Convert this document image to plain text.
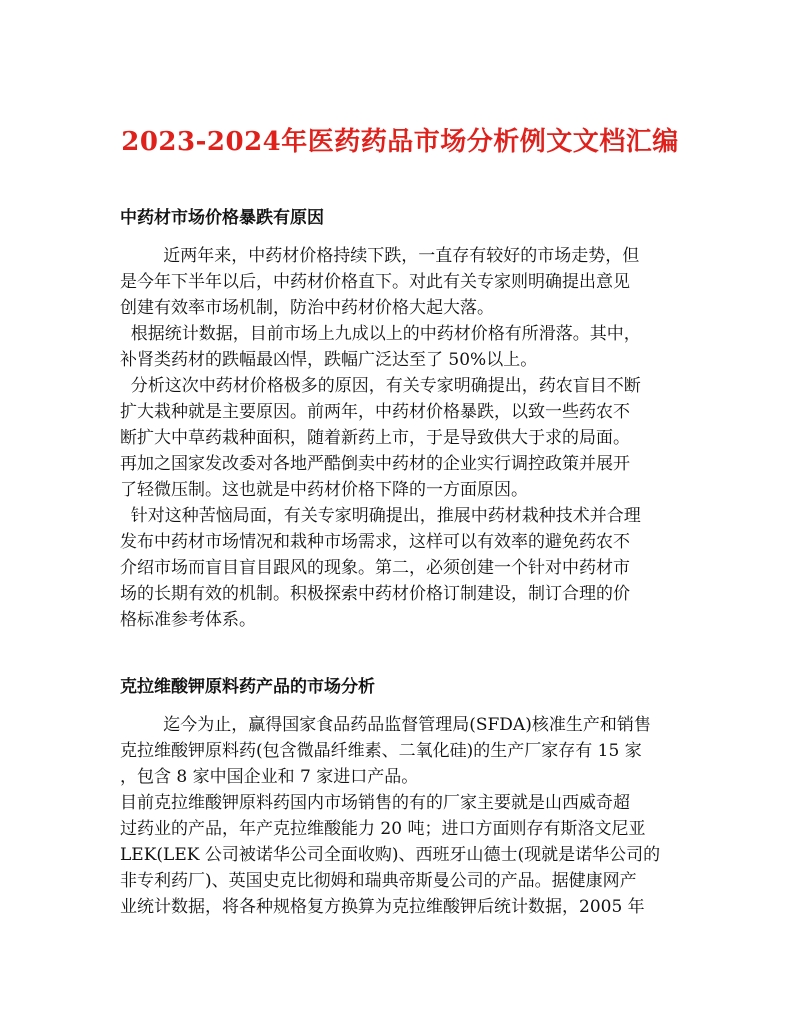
2023-2024年医药药品市场分析例文文档汇编

中药材市场价格暴跌有原因

近两年来，中药材价格持续下跌，一直存有较好的市场走势，但

是今年下半年以后，中药材价格直下。对此有关专家则明确提出意见

创建有效率市场机制，防治中药材价格大起大落。

根据统计数据，目前市场上九成以上的中药材价格有所滑落。其中，

补肾类药材的跌幅最凶悍，跌幅广泛达至了 50%以上。

分析这次中药材价格极多的原因，有关专家明确提出，药农盲目不断

扩大栽种就是主要原因。前两年，中药材价格暴跌，以致一些药农不

断扩大中草药栽种面积，随着新药上市，于是导致供大于求的局面。

再加之国家发改委对各地严酷倒卖中药材的企业实行调控政策并展开

了轻微压制。这也就是中药材价格下降的一方面原因。

针对这种苦恼局面，有关专家明确提出，推展中药材栽种技术并合理

发布中药材市场情况和栽种市场需求，这样可以有效率的避免药农不

介绍市场而盲目盲目跟风的现象。第二，必须创建一个针对中药材市

场的长期有效的机制。积极探索中药材价格订制建设，制订合理的价

格标准参考体系。

克拉维酸钾原料药产品的市场分析

迄今为止，赢得国家食品药品监督管理局(SFDA)核准生产和销售

克拉维酸钾原料药(包含微晶纤维素、二氧化硅)的生产厂家存有 15 家

，包含 8 家中国企业和 7 家进口产品。

目前克拉维酸钾原料药国内市场销售的有的厂家主要就是山西威奇超

过药业的产品，年产克拉维酸能力 20 吨；进口方面则存有斯洛文尼亚

LEK(LEK 公司被诺华公司全面收购)、西班牙山德士(现就是诺华公司的

非专利药厂)、英国史克比彻姆和瑞典帝斯曼公司的产品。据健康网产

业统计数据，将各种规格复方换算为克拉维酸钾后统计数据，2005 年
